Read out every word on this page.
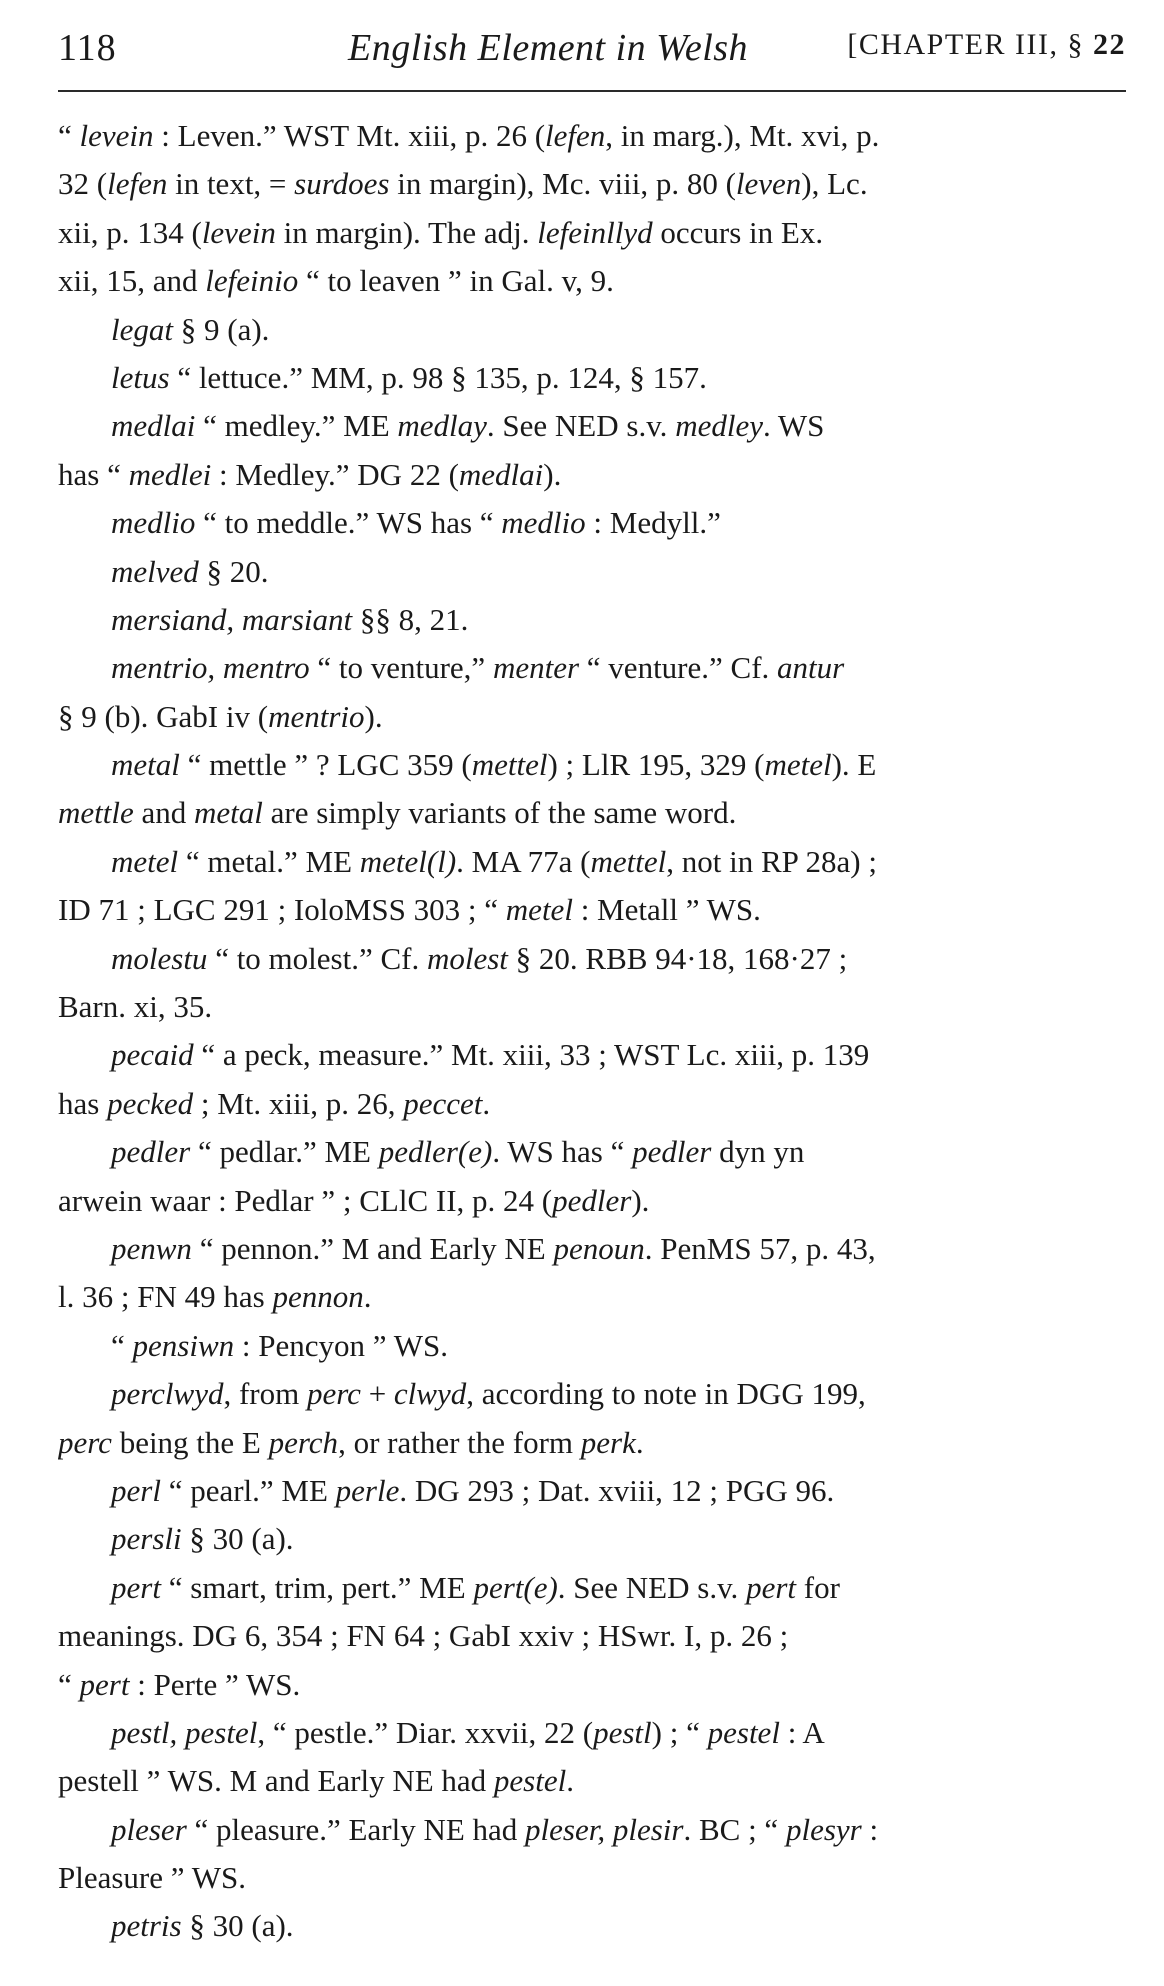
118	English Element in Welsh	[CHAPTER III, § 22
“ levein : Leven.” WST Mt. xiii, p. 26 (lefen, in marg.), Mt. xvi, p.
32 (lefen in text, = surdoes in margin), Mc. viii, p. 80 (leven), Lc.
xii, p. 134 (levein in margin). The adj. lefeinllyd occurs in Ex.
xii, 15, and lefeinio “ to leaven ” in Gal. v, 9.
legat § 9 (a).
letus “ lettuce.” MM, p. 98 § 135, p. 124, § 157.
medlai “ medley.” ME medlay. See NED s.v. medley. WS
has “ medlei : Medley.” DG 22 (medlai).
medlio “ to meddle.” WS has “ medlio : Medyll.”
melved § 20.
mersiand, marsiant §§ 8, 21.
mentrio, mentro “ to venture,” menter “ venture.” Cf. antur
§ 9 (b). GabI iv (mentrio).
metal “ mettle ” ? LGC 359 (mettel) ; LlR 195, 329 (metel). E
mettle and metal are simply variants of the same word.
metel “ metal.” ME metel(l). MA 77a (mettel, not in RP 28a) ;
ID 71 ; LGC 291 ; IoloMSS 303 ; “ metel : Metall ” WS.
molestu “ to molest.” Cf. molest § 20. RBB 94·18, 168·27 ;
Barn. xi, 35.
pecaid “ a peck, measure.” Mt. xiii, 33 ; WST Lc. xiii, p. 139
has pecked ; Mt. xiii, p. 26, peccet.
pedler “ pedlar.” ME pedler(e). WS has “ pedler dyn yn
arwein waar : Pedlar ” ; CLlC II, p. 24 (pedler).
penwn “ pennon.” M and Early NE penoun. PenMS 57, p. 43,
l. 36 ; FN 49 has pennon.
“ pensiwn : Pencyon ” WS.
perclwyd, from perc + clwyd, according to note in DGG 199,
perc being the E perch, or rather the form perk.
perl “ pearl.” ME perle. DG 293 ; Dat. xviii, 12 ; PGG 96.
persli § 30 (a).
pert “ smart, trim, pert.” ME pert(e). See NED s.v. pert for
meanings. DG 6, 354 ; FN 64 ; GabI xxiv ; HSwr. I, p. 26 ;
“ pert : Perte ” WS.
pestl, pestel, “ pestle.” Diar. xxvii, 22 (pestl) ; “ pestel : A
pestell ” WS. M and Early NE had pestel.
pleser “ pleasure.” Early NE had pleser, plesir. BC ; “ plesyr :
Pleasure ” WS.
petris § 30 (a).
